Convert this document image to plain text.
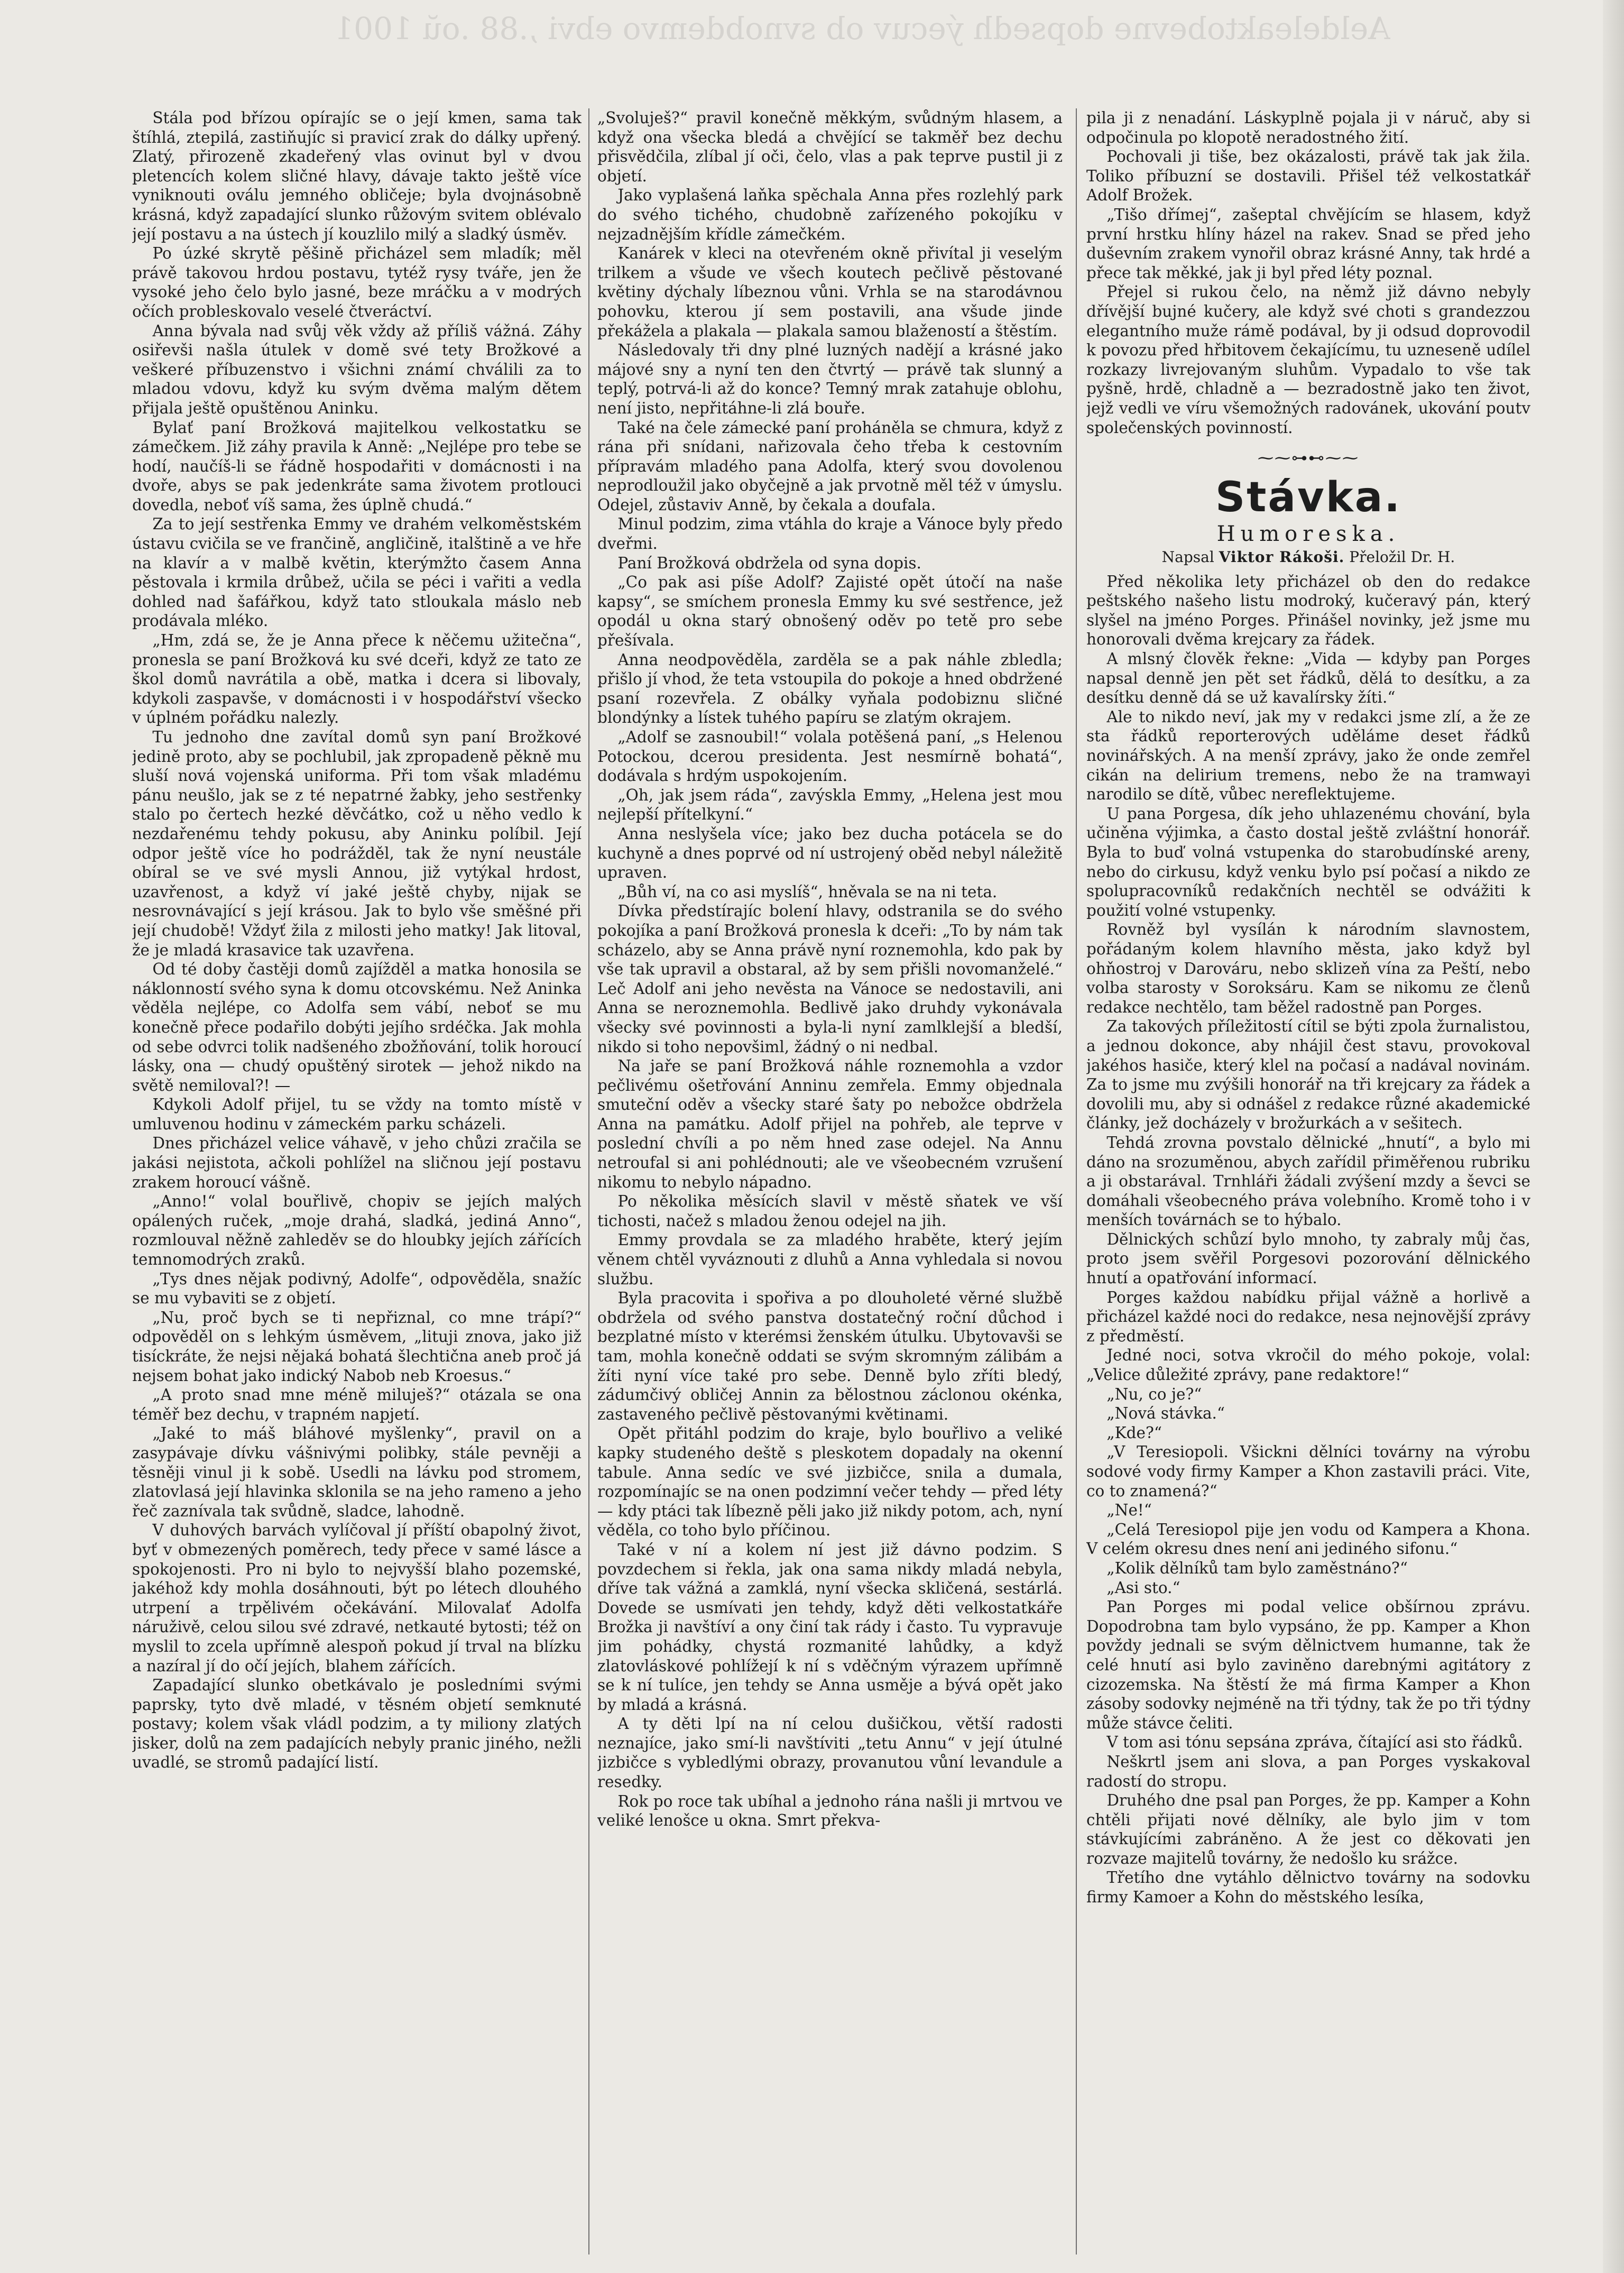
Aeldeleaktobevne dopsedh ýecuv ob svnobdemvo ebvi ,.88 .oŭ 1001

Stála pod břízou opírajíc se o její kmen, sama tak štíhlá, ztepilá, zastiňujíc si pravicí zrak do dálky upřený. Zlatý, přirozeně zkadeřený vlas ovinut byl v dvou pletencích kolem sličné hlavy, dávaje takto ještě více vyniknouti oválu jemného obličeje; byla dvojnásobně krásná, když zapadající slunko růžovým svitem oblévalo její postavu a na ústech jí kouzlilo milý a sladký úsměv.

Po úzké skrytě pěšině přicházel sem mladík; měl právě takovou hrdou postavu, tytéž rysy tváře, jen že vysoké jeho čelo bylo jasné, beze mráčku a v modrých očích probleskovalo veselé čtveráctví.

Anna bývala nad svůj věk vždy až příliš vážná. Záhy osiřevši našla útulek v domě své tety Brožkové a veškeré příbuzenstvo i všichni známí chválili za to mladou vdovu, když ku svým dvěma malým dětem přijala ještě opuštěnou Aninku.

Bylať paní Brožková majitelkou velkostatku se zámečkem. Již záhy pravila k Anně: „Nejlépe pro tebe se hodí, naučíš-li se řádně hospodařiti v domácnosti i na dvoře, abys se pak jedenkráte sama životem protlouci dovedla, neboť víš sama, žes úplně chudá.“

Za to její sestřenka Emmy ve drahém velkoměstském ústavu cvičila se ve frančině, angličině, italštině a ve hře na klavír a v malbě květin, kterýmžto časem Anna pěstovala i krmila drůbež, učila se péci i vařiti a vedla dohled nad šafářkou, když tato stloukala máslo neb prodávala mléko.

„Hm, zdá se, že je Anna přece k něčemu užitečna“, pronesla se paní Brožková ku své dceři, když ze tato ze škol domů navrátila a obě, matka i dcera si libovaly, kdykoli zaspavše, v domácnosti i v hospodářství všecko v úplném pořádku nalezly.

Tu jednoho dne zavítal domů syn paní Brožkové jedině proto, aby se pochlubil, jak zpropadeně pěkně mu sluší nová vojenská uniforma. Při tom však mladému pánu neušlo, jak se z té nepatrné žabky, jeho sestřenky stalo po čertech hezké děvčátko, což u něho vedlo k nezdařenému tehdy pokusu, aby Aninku políbil. Její odpor ještě více ho podrážděl, tak že nyní neustále obíral se ve své mysli Annou, již vytýkal hrdost, uzavřenost, a když ví jaké ještě chyby, nijak se nesrovnávající s její krásou. Jak to bylo vše směšné při její chudobě! Vždyť žila z milosti jeho matky! Jak litoval, že je mladá krasavice tak uzavřena.

Od té doby častěji domů zajížděl a matka honosila se náklonností svého syna k domu otcovskému. Než Aninka věděla nejlépe, co Adolfa sem vábí, neboť se mu konečně přece podařilo dobýti jejího srdéčka. Jak mohla od sebe odvrci tolik nadšeného zbožňování, tolik horoucí lásky, ona — chudý opuštěný sirotek — jehož nikdo na světě nemiloval?! —

Kdykoli Adolf přijel, tu se vždy na tomto místě v umluvenou hodinu v zámeckém parku scházeli.

Dnes přicházel velice váhavě, v jeho chůzi zračila se jakási nejistota, ačkoli pohlížel na sličnou její postavu zrakem horoucí vášně.

„Anno!“ volal bouřlivě, chopiv se jejích malých opálených ruček, „moje drahá, sladká, jediná Anno“, rozmlouval něžně zahleděv se do hloubky jejích zářících temnomodrých zraků.

„Tys dnes nějak podivný, Adolfe“, odpověděla, snažíc se mu vybaviti se z objetí.

„Nu, proč bych se ti nepřiznal, co mne trápí?“ odpověděl on s lehkým úsměvem, „lituji znova, jako již tisíckráte, že nejsi nějaká bohatá šlechtična aneb proč já nejsem bohat jako indický Nabob neb Kroesus.“

„A proto snad mne méně miluješ?“ otázala se ona téměř bez dechu, v trapném napjetí.

„Jaké to máš bláhové myšlenky“, pravil on a zasypávaje dívku vášnivými polibky, stále pevněji a těsněji vinul ji k sobě. Usedli na lávku pod stromem, zlatovlasá její hlavinka sklonila se na jeho rameno a jeho řeč zaznívala tak svůdně, sladce, lahodně.

V duhových barvách vylíčoval jí příští obapolný život, byť v obmezených poměrech, tedy přece v samé lásce a spokojenosti. Pro ni bylo to nejvyšší blaho pozemské, jakéhož kdy mohla dosáhnouti, být po létech dlouhého utrpení a trpělivém očekávání. Milovalať Adolfa náruživě, celou silou své zdravé, netkauté bytosti; též on myslil to zcela upřímně alespoň pokud jí trval na blízku a nazíral jí do očí jejích, blahem zářících.

Zapadající slunko obetkávalo je posledními svými paprsky, tyto dvě mladé, v těsném objetí semknuté postavy; kolem však vládl podzim, a ty miliony zlatých jisker, dolů na zem padajících nebyly pranic jiného, nežli uvadlé, se stromů padající listí.

„Svoluješ?“ pravil konečně měkkým, svůdným hlasem, a když ona všecka bledá a chvějící se takměř bez dechu přisvědčila, zlíbal jí oči, čelo, vlas a pak teprve pustil ji z objetí.

Jako vyplašená laňka spěchala Anna přes rozlehlý park do svého tichého, chudobně zařízeného pokojíku v nejzadnějším křídle zámečkém.

Kanárek v kleci na otevřeném okně přivítal ji veselým trilkem a všude ve všech koutech pečlivě pěstované květiny dýchaly líbeznou vůni. Vrhla se na starodávnou pohovku, kterou jí sem postavili, ana všude jinde překážela a plakala — plakala samou blažeností a štěstím.

Následovaly tři dny plné luzných nadějí a krásné jako májové sny a nyní ten den čtvrtý — právě tak slunný a teplý, potrvá-li až do konce? Temný mrak zatahuje oblohu, není jisto, nepřitáhne-li zlá bouře.

Také na čele zámecké paní proháněla se chmura, když z rána při snídani, nařizovala čeho třeba k cestovním přípravám mladého pana Adolfa, který svou dovolenou neprodloužil jako obyčejně a jak prvotně měl též v úmyslu. Odejel, zůstaviv Anně, by čekala a doufala.

Minul podzim, zima vtáhla do kraje a Vánoce byly předo dveřmi.

Paní Brožková obdržela od syna dopis.

„Co pak asi píše Adolf? Zajisté opět útočí na naše kapsy“, se smíchem pronesla Emmy ku své sestřence, jež opodál u okna starý obnošený oděv po tetě pro sebe přešívala.

Anna neodpověděla, zarděla se a pak náhle zbledla; přišlo jí vhod, že teta vstoupila do pokoje a hned obdržené psaní rozevřela. Z obálky vyňala podobiznu sličné blondýnky a lístek tuhého papíru se zlatým okrajem.

„Adolf se zasnoubil!“ volala potěšená paní, „s Helenou Potockou, dcerou presidenta. Jest nesmírně bohatá“, dodávala s hrdým uspokojením.

„Oh, jak jsem ráda“, zavýskla Emmy, „Helena jest mou nejlepší přítelkyní.“

Anna neslyšela více; jako bez ducha potácela se do kuchyně a dnes poprvé od ní ustrojený oběd nebyl náležitě upraven.

„Bůh ví, na co asi myslíš“, hněvala se na ni teta.

Dívka předstírajíc bolení hlavy, odstranila se do svého pokojíka a paní Brožková pronesla k dceři: „To by nám tak scházelo, aby se Anna právě nyní roznemohla, kdo pak by vše tak upravil a obstaral, až by sem přišli novomanželé.“ Leč Adolf ani jeho nevěsta na Vánoce se nedostavili, ani Anna se neroznemohla. Bedlivě jako druhdy vykonávala všecky své povinnosti a byla-li nyní zamlklejší a bledší, nikdo si toho nepovšiml, žádný o ni nedbal.

Na jaře se paní Brožková náhle roznemohla a vzdor pečlivému ošetřování Anninu zemřela. Emmy objednala smuteční oděv a všecky staré šaty po nebožce obdržela Anna na památku. Adolf přijel na pohřeb, ale teprve v poslední chvíli a po něm hned zase odejel. Na Annu netroufal si ani pohlédnouti; ale ve všeobecném vzrušení nikomu to nebylo nápadno.

Po několika měsících slavil v městě sňatek ve vší tichosti, načež s mladou ženou odejel na jih.

Emmy provdala se za mladého hraběte, který jejím věnem chtěl vyváznouti z dluhů a Anna vyhledala si novou službu.

Byla pracovita i spořiva a po dlouholeté věrné službě obdržela od svého panstva dostatečný roční důchod i bezplatné místo v kterémsi ženském útulku. Ubytovavši se tam, mohla konečně oddati se svým skromným zálibám a žíti nyní více také pro sebe. Denně bylo zříti bledý, zádumčivý obličej Annin za bělostnou záclonou okénka, zastaveného pečlivě pěstovanými květinami.

Opět přitáhl podzim do kraje, bylo bouřlivo a veliké kapky studeného deště s pleskotem dopadaly na okenní tabule. Anna sedíc ve své jizbičce, snila a dumala, rozpomínajíc se na onen podzimní večer tehdy — před léty — kdy ptáci tak líbezně pěli jako již nikdy potom, ach, nyní věděla, co toho bylo příčinou.

Také v ní a kolem ní jest již dávno podzim. S povzdechem si řekla, jak ona sama nikdy mladá nebyla, dříve tak vážná a zamklá, nyní všecka skličená, sestárlá. Dovede se usmívati jen tehdy, když děti velkostatkáře Brožka ji navštíví a ony činí tak rády i často. Tu vypravuje jim pohádky, chystá rozmanité lahůdky, a když zlatovláskové pohlížejí k ní s vděčným výrazem upřímně se k ní tulíce, jen tehdy se Anna usměje a bývá opět jako by mladá a krásná.

A ty děti lpí na ní celou dušičkou, větší radosti neznajíce, jako smí-li navštíviti „tetu Annu“ v její útulné jizbičce s vybledlými obrazy, provanutou vůní levandule a resedky.

Rok po roce tak ubíhal a jednoho rána našli ji mrtvou ve veliké lenošce u okna. Smrt překva-

pila ji z nenadání. Láskyplně pojala ji v náruč, aby si odpočinula po klopotě neradostného žití.

Pochovali ji tiše, bez okázalosti, právě tak jak žila. Toliko příbuzní se dostavili. Přišel též velkostatkář Adolf Brožek.

„Tišo dřímej“, zašeptal chvějícím se hlasem, když první hrstku hlíny házel na rakev. Snad se před jeho duševním zrakem vynořil obraz krásné Anny, tak hrdé a přece tak měkké, jak ji byl před léty poznal.

Přejel si rukou čelo, na němž již dávno nebyly dřívější bujné kučery, ale když své choti s grandezzou elegantního muže rámě podával, by ji odsud doprovodil k povozu před hřbitovem čekajícímu, tu uzneseně udílel rozkazy livrejovaným sluhům. Vypadalo to vše tak pyšně, hrdě, chladně a — bezradostně jako ten život, jejž vedli ve víru všemožných radovánek, ukování poutv společenských povinností.

⁓⁓⊶⊷⁓⁓
Stávka.
Humoreska.
Napsal Viktor Rákoši. Přeložil Dr. H.

Před několika lety přicházel ob den do redakce peštského našeho listu modroký, kučeravý pán, který slyšel na jméno Porges. Přinášel novinky, jež jsme mu honorovali dvěma krejcary za řádek.

A mlsný člověk řekne: „Vida — kdyby pan Porges napsal denně jen pět set řádků, dělá to desítku, a za desítku denně dá se už kavalírsky žíti.“

Ale to nikdo neví, jak my v redakci jsme zlí, a že ze sta řádků reporterových uděláme deset řádků novinářských. A na menší zprávy, jako že onde zemřel cikán na delirium tremens, nebo že na tramwayi narodilo se dítě, vůbec nereflektujeme.

U pana Porgesa, dík jeho uhlazenému chování, byla učiněna výjimka, a často dostal ještě zvláštní honorář. Byla to buď volná vstupenka do starobudínské areny, nebo do cirkusu, když venku bylo psí počasí a nikdo ze spolupracovníků redakčních nechtěl se odvážiti k použití volné vstupenky.

Rovněž byl vysílán k národním slavnostem, pořádaným kolem hlavního města, jako když byl ohňostroj v Darováru, nebo sklizeň vína za Peští, nebo volba starosty v Soroksáru. Kam se nikomu ze členů redakce nechtělo, tam běžel radostně pan Porges.

Za takových příležitostí cítil se býti zpola žurnalistou, a jednou dokonce, aby nhájil čest stavu, provokoval jakéhos hasiče, který klel na počasí a nadával novinám. Za to jsme mu zvýšili honorář na tři krejcary za řádek a dovolili mu, aby si odnášel z redakce různé akademické články, jež docházely v brožurkách a v sešitech.

Tehdá zrovna povstalo dělnické „hnutí“, a bylo mi dáno na srozuměnou, abych zařídil přiměřenou rubriku a ji obstarával. Trnhláři žádali zvýšení mzdy a ševci se domáhali všeobecného práva volebního. Kromě toho i v menších továrnách se to hýbalo.

Dělnických schůzí bylo mnoho, ty zabraly můj čas, proto jsem svěřil Porgesovi pozorování dělnického hnutí a opatřování informací.

Porges každou nabídku přijal vážně a horlivě a přicházel každé noci do redakce, nesa nejnovější zprávy z předměstí.

Jedné noci, sotva vkročil do mého pokoje, volal: „Velice důležité zprávy, pane redaktore!“

„Nu, co je?“

„Nová stávka.“

„Kde?“

„V Teresiopoli. Všickni dělníci továrny na výrobu sodové vody firmy Kamper a Khon zastavili práci. Vite, co to znamená?“

„Ne!“

„Celá Teresiopol pije jen vodu od Kampera a Khona. V celém okresu dnes není ani jediného sifonu.“

„Kolik dělníků tam bylo zaměstnáno?“

„Asi sto.“

Pan Porges mi podal velice obšírnou zprávu. Dopodrobna tam bylo vypsáno, že pp. Kamper a Khon povždy jednali se svým dělnictvem humanne, tak že celé hnutí asi bylo zaviněno darebnými agitátory z cizozemska. Na štěstí že má firma Kamper a Khon zásoby sodovky nejméně na tři týdny, tak že po tři týdny může stávce čeliti.

V tom asi tónu sepsána zpráva, čítající asi sto řádků.

Neškrtl jsem ani slova, a pan Porges vyskakoval radostí do stropu.

Druhého dne psal pan Porges, že pp. Kamper a Kohn chtěli přijati nové dělníky, ale bylo jim v tom stávkujícími zabráněno. A že jest co děkovati jen rozvaze majitelů továrny, že nedošlo ku srážce.

Třetího dne vytáhlo dělnictvo továrny na sodovku firmy Kamoer a Kohn do městského lesíka,
